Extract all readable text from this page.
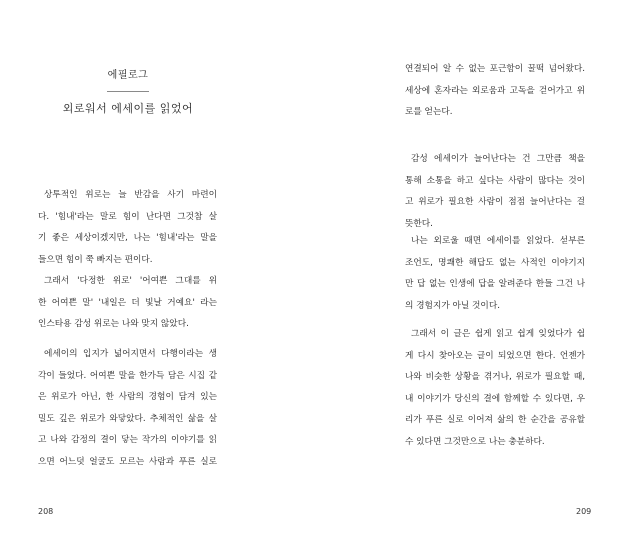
에필로그
외로워서 에세이를 읽었어
상투적인 위로는 늘 반감을 사기 마련이
다. '힘내'라는 말로 힘이 난다면 그것참 살
기 좋은 세상이겠지만, 나는 '힘내'라는 말을
들으면 힘이 쭉 빠지는 편이다.
그래서 '다정한 위로' '어여쁜 그대를 위
한 어여쁜 말' '내일은 더 빛날 거예요' 라는
인스타용 감성 위로는 나와 맞지 않았다.
에세이의 입지가 넓어지면서 다행이라는 생
각이 들었다. 어여쁜 말을 한가득 담은 시집 같
은 위로가 아닌, 한 사람의 경험이 담겨 있는
밀도 깊은 위로가 와닿았다. 추체적인 삶을 살
고 나와 감정의 결이 닿는 작가의 이야기를 읽
으면 어느덧 얼굴도 모르는 사람과 푸른 실로
208
연결되어 알 수 없는 포근함이 꿀떡 넘어왔다.
세상에 혼자라는 외로움과 고독을 걷어가고 위
로를 얻는다.
감성 에세이가 늘어난다는 건 그만큼 책을
통해 소통을 하고 싶다는 사람이 많다는 것이
고 위로가 필요한 사람이 점점 늘어난다는 걸
뜻한다.
나는 외로울 때면 에세이를 읽었다. 섣부른
조언도, 명쾌한 해답도 없는 사적인 이야기지
만 답 없는 인생에 답을 알려준다 한들 그건 나
의 경험지가 아닐 것이다.
그래서 이 글은 쉽게 읽고 쉽게 잊었다가 쉽
게 다시 찾아오는 글이 되었으면 한다. 언젠가
나와 비슷한 상황을 겪거나, 위로가 필요할 때,
내 이야기가 당신의 결에 함께할 수 있다면, 우
리가 푸른 실로 이어져 삶의 한 순간을 공유할
수 있다면 그것만으로 나는 충분하다.
209
